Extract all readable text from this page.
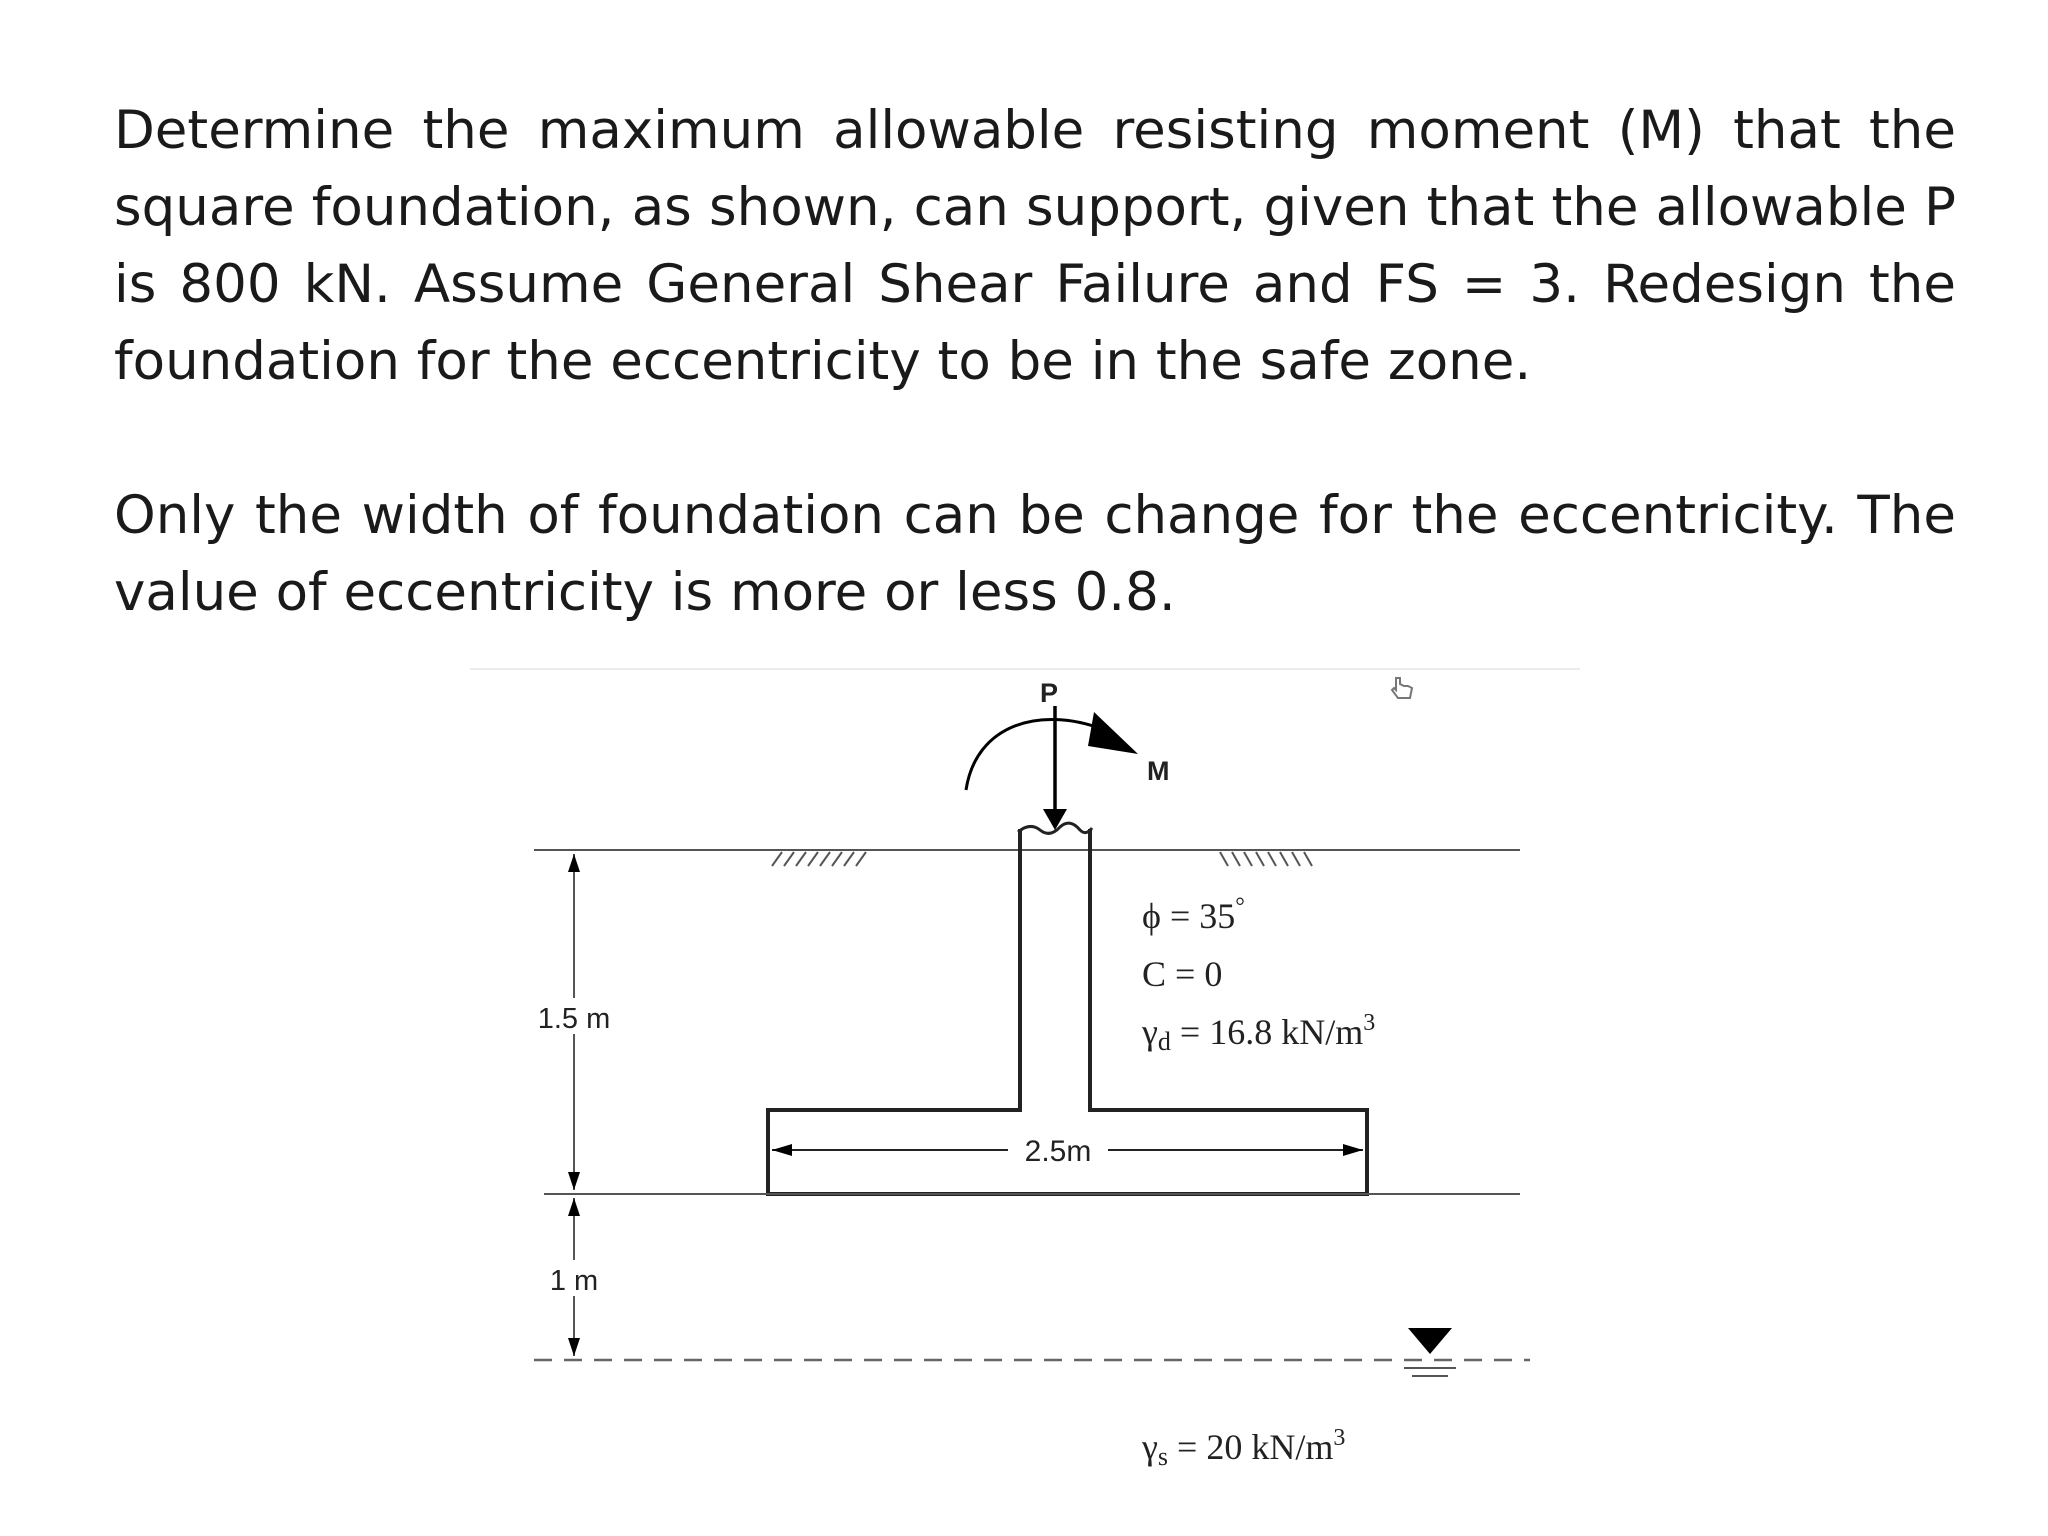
Determine the maximum allowable resisting moment (M) that the square foundation, as shown, can support, given that the allowable P is 800 kN. Assume General Shear Failure and FS = 3. Redesign the foundation for the eccentricity to be in the safe zone.

Only the width of foundation can be change for the eccentricity. The value of eccentricity is more or less 0.8.

P
M
1.5 m
1 m
2.5m
ϕ = 35°
C = 0
γd = 16.8 $kN/m^3$
γs = 20 $kN/m^3$
